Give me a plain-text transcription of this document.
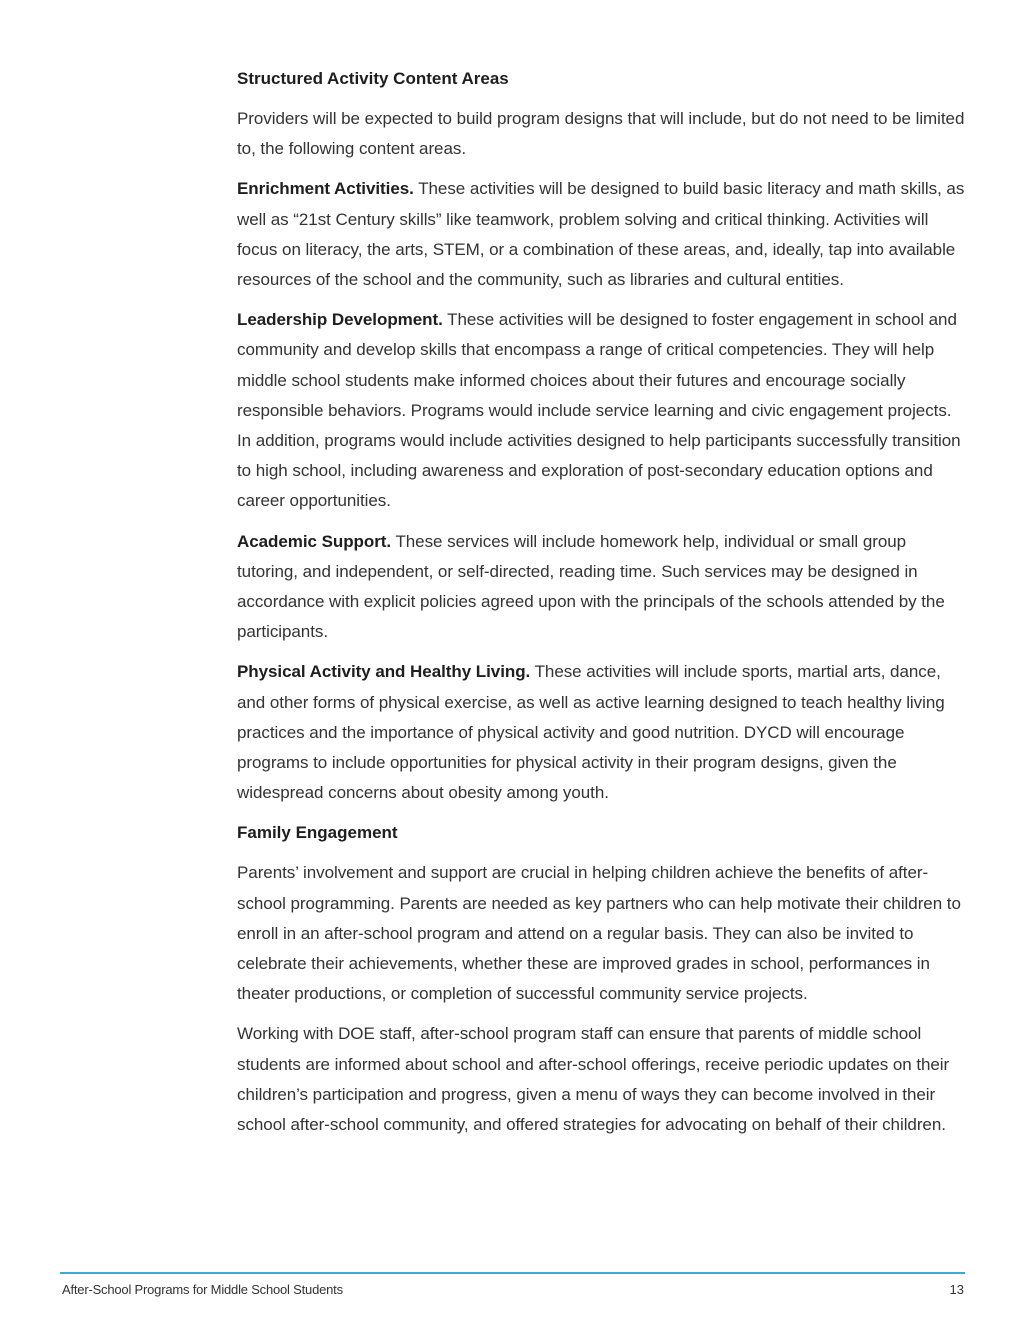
Structured Activity Content Areas

Providers will be expected to build program designs that will include, but do not need to be limited to, the following content areas.

Enrichment Activities. These activities will be designed to build basic literacy and math skills, as well as “21st Century skills” like teamwork, problem solving and critical thinking. Activities will focus on literacy, the arts, STEM, or a combination of these areas, and, ideally, tap into available resources of the school and the community, such as libraries and cultural entities.

Leadership Development. These activities will be designed to foster engagement in school and community and develop skills that encompass a range of critical competencies. They will help middle school students make informed choices about their futures and encourage socially responsible behaviors. Programs would include service learning and civic engagement projects. In addition, programs would include activities designed to help participants successfully transition to high school, including awareness and exploration of post-secondary education options and career opportunities.

Academic Support. These services will include homework help, individual or small group tutoring, and independent, or self-directed, reading time. Such services may be designed in accordance with explicit policies agreed upon with the principals of the schools attended by the participants.

Physical Activity and Healthy Living. These activities will include sports, martial arts, dance, and other forms of physical exercise, as well as active learning designed to teach healthy living practices and the importance of physical activity and good nutrition. DYCD will encourage programs to include opportunities for physical activity in their program designs, given the widespread concerns about obesity among youth.

Family Engagement

Parents’ involvement and support are crucial in helping children achieve the benefits of after-school programming. Parents are needed as key partners who can help motivate their children to enroll in an after-school program and attend on a regular basis. They can also be invited to celebrate their achievements, whether these are improved grades in school, performances in theater productions, or completion of successful community service projects.

Working with DOE staff, after-school program staff can ensure that parents of middle school students are informed about school and after-school offerings, receive periodic updates on their children’s participation and progress, given a menu of ways they can become involved in their school after-school community, and offered strategies for advocating on behalf of their children.

After-School Programs for Middle School Students	13
